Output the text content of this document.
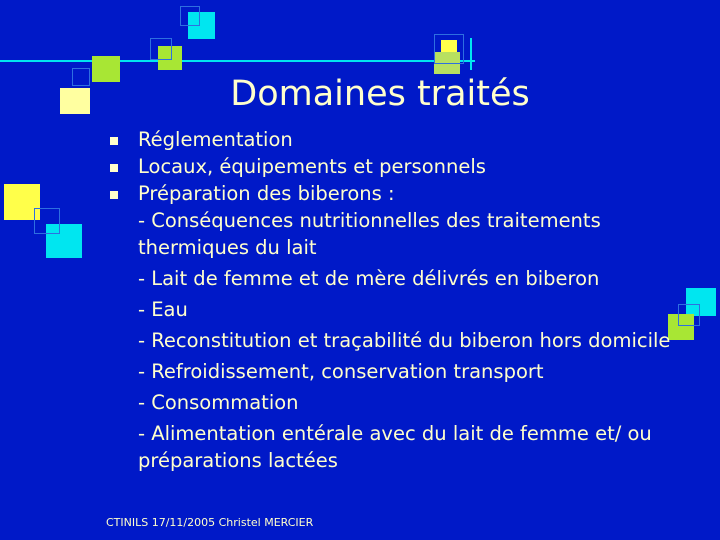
Domaines traités
Réglementation
Locaux, équipements et personnels
Préparation des biberons :
- Conséquences nutritionnelles des traitements thermiques du lait
- Lait de femme et de mère délivrés en biberon
- Eau
- Reconstitution et traçabilité du biberon hors domicile
- Refroidissement, conservation transport
- Consommation
- Alimentation entérale avec du lait de femme et/ ou préparations lactées
CTINILS 17/11/2005 Christel MERCIER
